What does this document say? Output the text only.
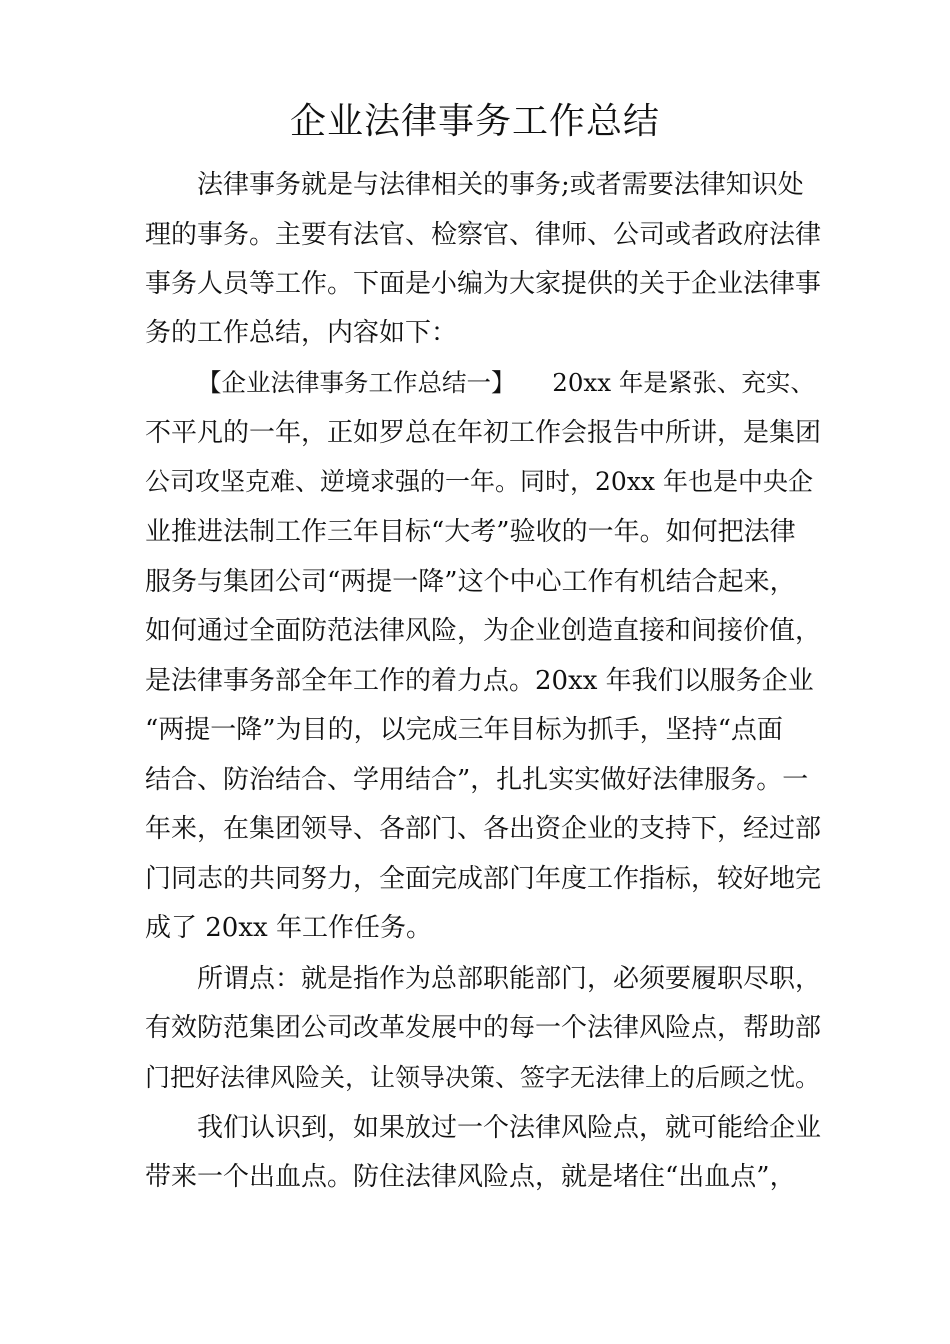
企业法律事务工作总结

法律事务就是与法律相关的事务;或者需要法律知识处

理的事务。主要有法官、检察官、律师、公司或者政府法律

事务人员等工作。下面是小编为大家提供的关于企业法律事

务的工作总结，内容如下：

【企业法律事务工作总结一】　　20xx 年是紧张、充实、

不平凡的一年，正如罗总在年初工作会报告中所讲，是集团

公司攻坚克难、逆境求强的一年。同时，20xx 年也是中央企

业推进法制工作三年目标“大考”验收的一年。如何把法律

服务与集团公司“两提一降”这个中心工作有机结合起来，

如何通过全面防范法律风险，为企业创造直接和间接价值，

是法律事务部全年工作的着力点。20xx 年我们以服务企业

“两提一降”为目的，以完成三年目标为抓手，坚持“点面

结合、防治结合、学用结合”，扎扎实实做好法律服务。一

年来，在集团领导、各部门、各出资企业的支持下，经过部

门同志的共同努力，全面完成部门年度工作指标，较好地完

成了 20xx 年工作任务。

所谓点：就是指作为总部职能部门，必须要履职尽职，

有效防范集团公司改革发展中的每一个法律风险点，帮助部

门把好法律风险关，让领导决策、签字无法律上的后顾之忧。

我们认识到，如果放过一个法律风险点，就可能给企业

带来一个出血点。防住法律风险点，就是堵住“出血点”，
